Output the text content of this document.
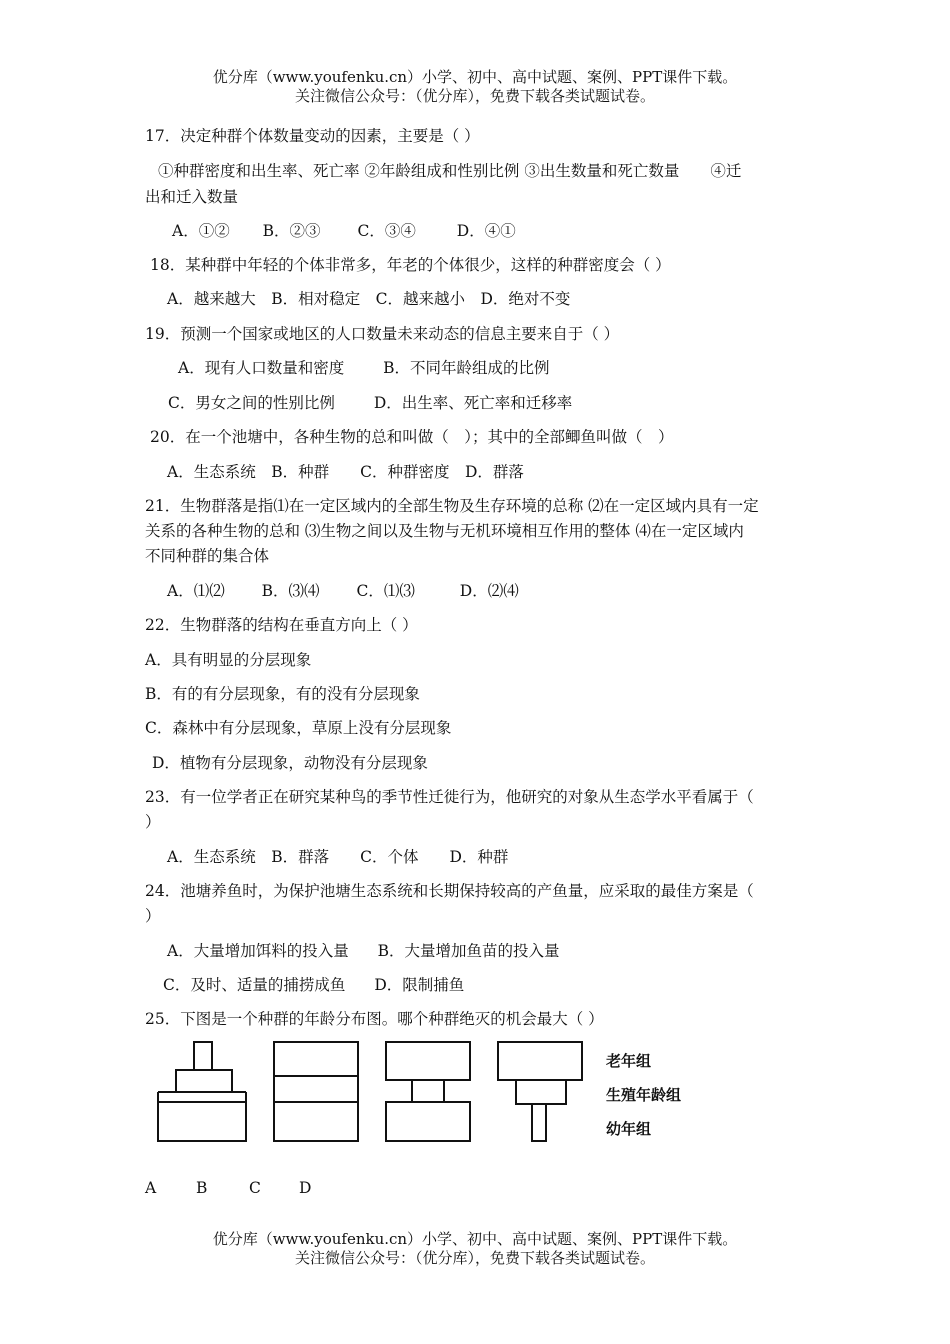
优分库（www.youfenku.cn）小学、初中、高中试题、案例、PPT课件下载。
关注微信公众号：（优分库），免费下载各类试题试卷。
17．决定种群个体数量变动的因素，主要是（ ）
①种群密度和出生率、死亡率 ②年龄组成和性别比例 ③出生数量和死亡数量　　④迁
出和迁入数量
A．①② B．②③ C．③④	D．④①
18．某种群中年轻的个体非常多，年老的个体很少，这样的种群密度会（ ）
A．越来越大　B．相对稳定　C．越来越小　D．绝对不变
19．预测一个国家或地区的人口数量未来动态的信息主要来自于（ ）
A．现有人口数量和密度	B．不同年龄组成的比例
C．男女之间的性别比例	D．出生率、死亡率和迁移率
20．在一个池塘中，各种生物的总和叫做（　）；其中的全部鲫鱼叫做（　）
A．生态系统　B．种群　　C．种群密度　D．群落
21．生物群落是指⑴在一定区域内的全部生物及生存环境的总称 ⑵在一定区域内具有一定
关系的各种生物的总和 ⑶生物之间以及生物与无机环境相互作用的整体 ⑷在一定区域内
不同种群的集合体
A．⑴⑵ B．⑶⑷ C．⑴⑶	D．⑵⑷
22．生物群落的结构在垂直方向上（ ）
A．具有明显的分层现象
B．有的有分层现象，有的没有分层现象
C．森林中有分层现象，草原上没有分层现象
D．植物有分层现象，动物没有分层现象
23．有一位学者正在研究某种鸟的季节性迁徙行为，他研究的对象从生态学水平看属于（
）
A．生态系统　B．群落　　C．个体　　D．种群
24．池塘养鱼时，为保护池塘生态系统和长期保持较高的产鱼量，应采取的最佳方案是（
）
A．大量增加饵料的投入量 B．大量增加鱼苗的投入量
C．及时、适量的捕捞成鱼 D．限制捕鱼
25．下图是一个种群的年龄分布图。哪个种群绝灭的机会最大（ ）
老年组
生殖年龄组
幼年组
A	B	C D
优分库（www.youfenku.cn）小学、初中、高中试题、案例、PPT课件下载。
关注微信公众号：（优分库），免费下载各类试题试卷。
